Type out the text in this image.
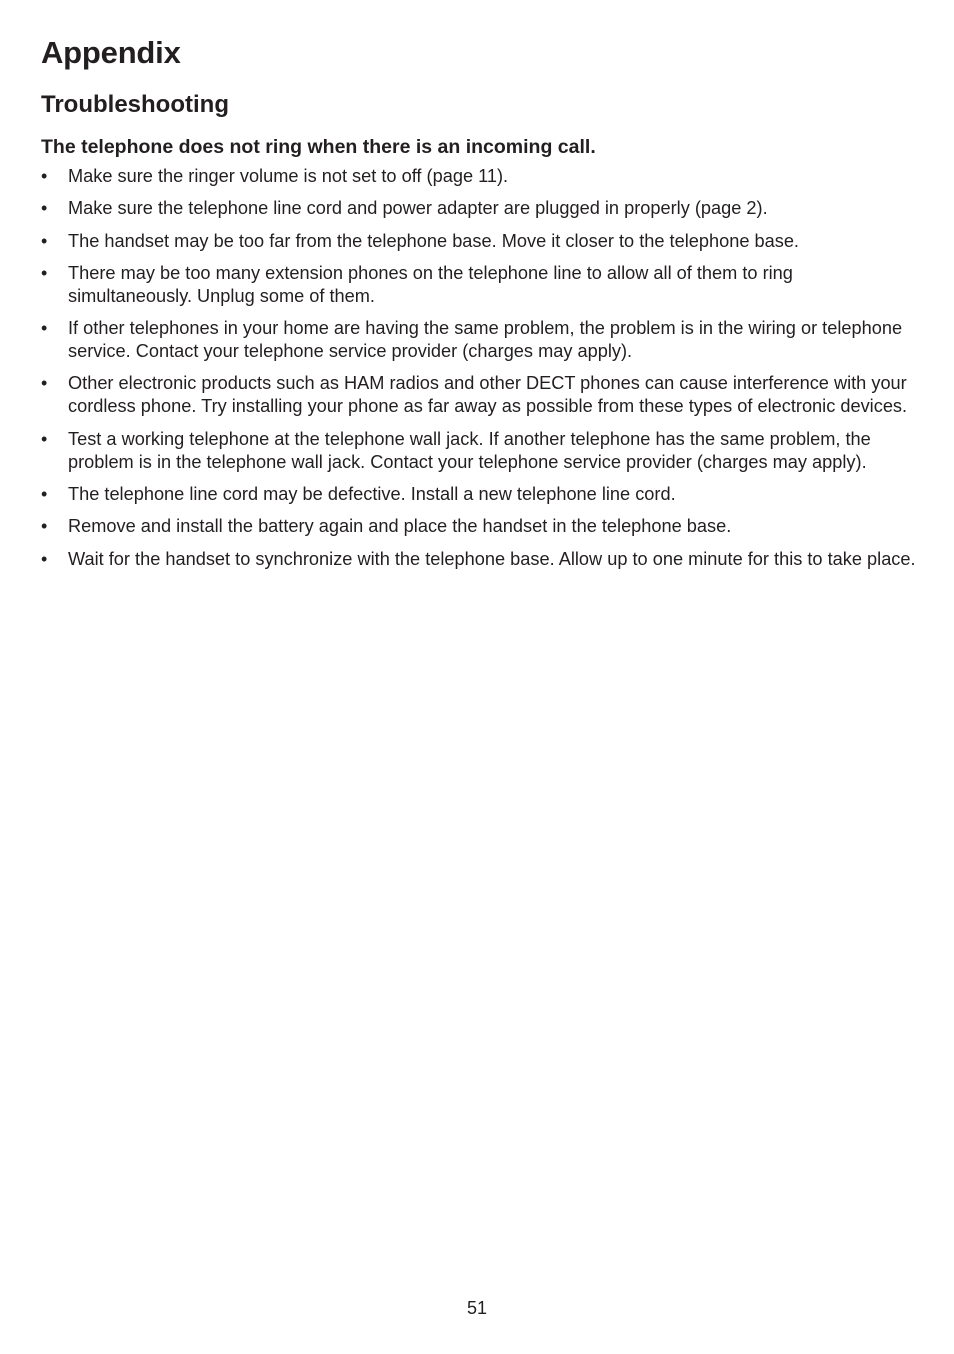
Appendix
Troubleshooting
The telephone does not ring when there is an incoming call.
•	Make sure the ringer volume is not set to off (page 11).
•	Make sure the telephone line cord and power adapter are plugged in properly (page 2).
•	The handset may be too far from the telephone base. Move it closer to the telephone base.
•	There may be too many extension phones on the telephone line to allow all of them to ring simultaneously. Unplug some of them.
•	If other telephones in your home are having the same problem, the problem is in the wiring or telephone service. Contact your telephone service provider (charges may apply).
•	Other electronic products such as HAM radios and other DECT phones can cause interference with your cordless phone. Try installing your phone as far away as possible from these types of electronic devices.
•	Test a working telephone at the telephone wall jack. If another telephone has the same problem, the problem is in the telephone wall jack. Contact your telephone service provider (charges may apply).
•	The telephone line cord may be defective. Install a new telephone line cord.
•	Remove and install the battery again and place the handset in the telephone base.
•	Wait for the handset to synchronize with the telephone base. Allow up to one minute for this to take place.
51
